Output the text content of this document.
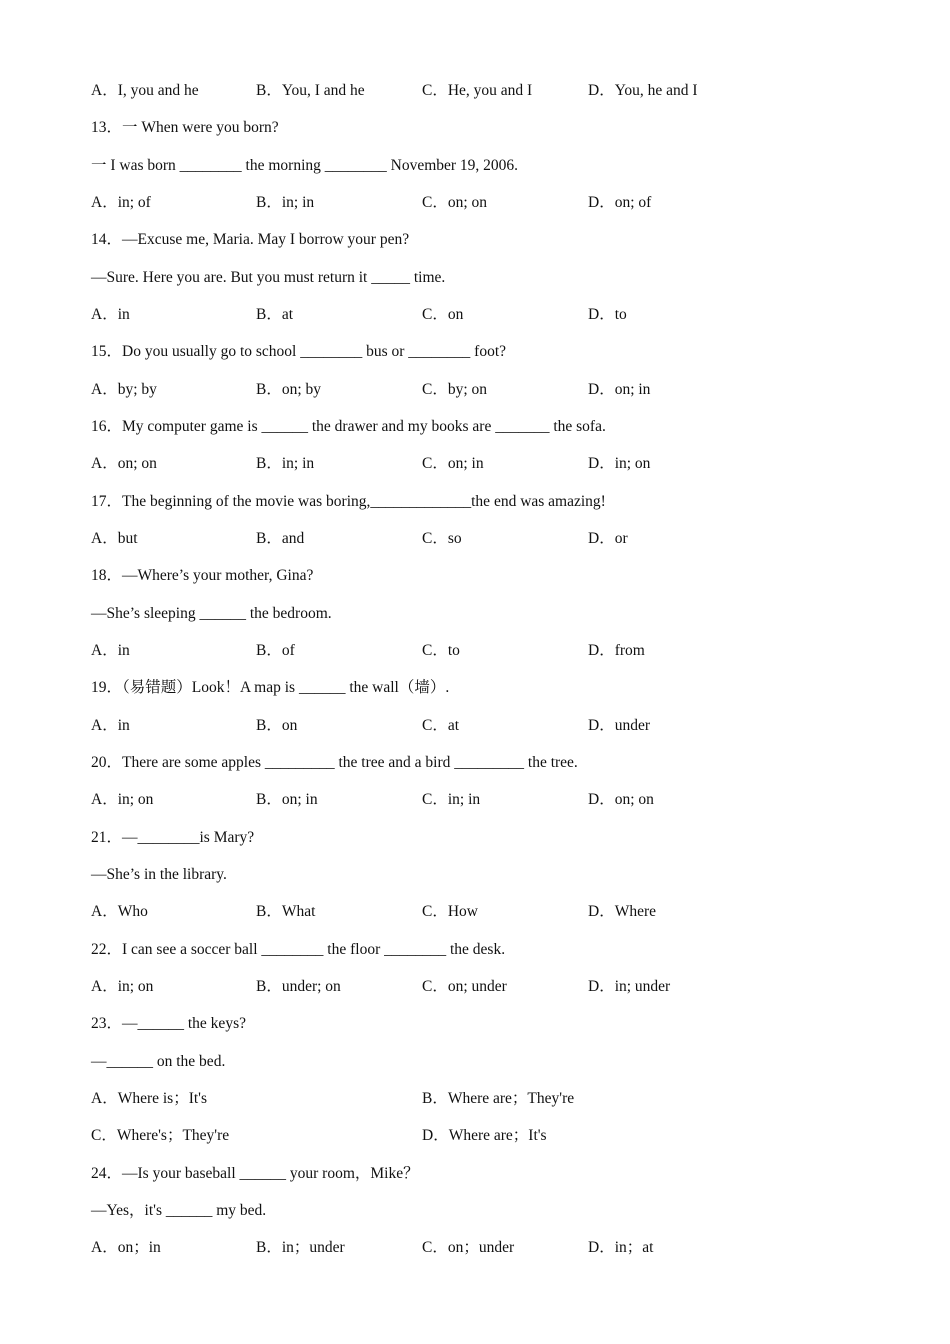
A．I, you and he	B．You, I and he	C．He, you and I	D．You, he and I
13．一 When were you born?
一 I was born ________ the morning ________ November 19, 2006.
A．in; of	B．in; in	C．on; on	D．on; of
14．—Excuse me, Maria. May I borrow your pen?
—Sure. Here you are. But you must return it _____ time.
A．in	B．at	C．on	D．to
15．Do you usually go to school ________ bus or ________ foot?
A．by; by	B．on; by	C．by; on	D．on; in
16．My computer game is ______ the drawer and my books are _______ the sofa.
A．on; on	B．in; in	C．on; in	D．in; on
17．The beginning of the movie was boring,_____________the end was amazing!
A．but	B．and	C．so	D．or
18．—Where’s your mother, Gina?
—She’s sleeping ______ the bedroom.
A．in	B．of	C．to	D．from
19．（易错题）Look！A map is ______ the wall（墙）.
A．in	B．on	C．at	D．under
20．There are some apples _________ the tree and a bird _________ the tree.
A．in; on	B．on; in	C．in; in	D．on; on
21．—________is Mary?
—She’s in the library.
A．Who	B．What	C．How	D．Where
22．I can see a soccer ball ________ the floor ________ the desk.
A．in; on	B．under; on	C．on; under	D．in; under
23．—______ the keys?
—______ on the bed.
A．Where is；It's	B．Where are；They're
C．Where's；They're	D．Where are；It's
24．—Is your baseball ______ your room，Mike？
—Yes，it's ______ my bed.
A．on；in	B．in；under	C．on；under	D．in；at
